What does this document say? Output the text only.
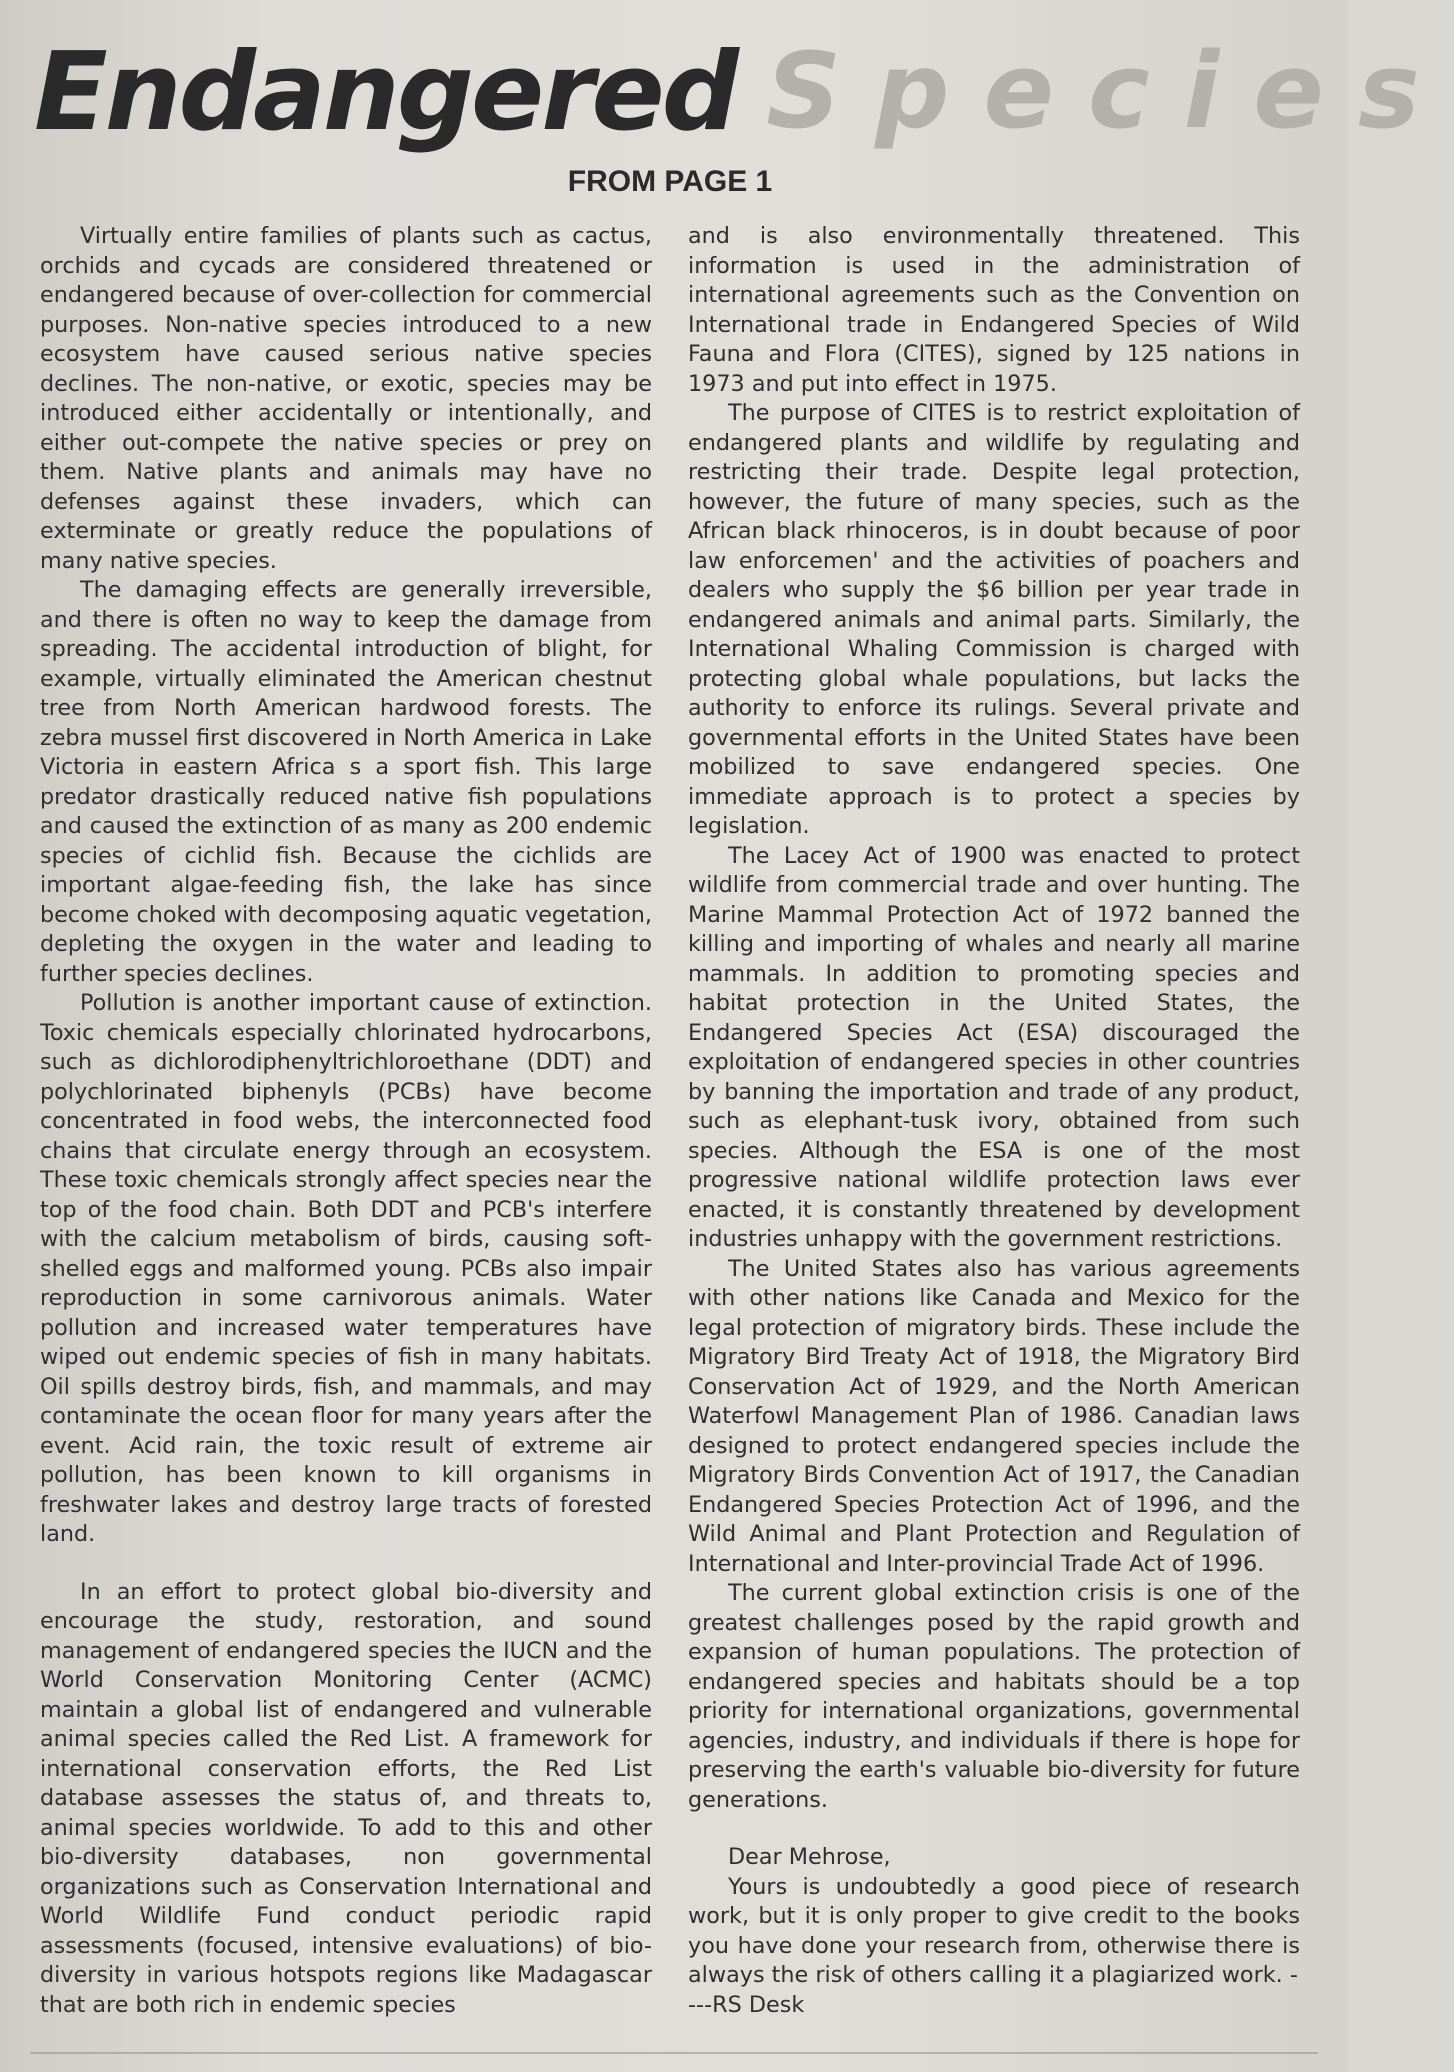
Endangered Species
FROM PAGE 1

Virtually entire families of plants such as cactus, orchids and cycads are considered threatened or endangered because of over-collection for commercial purposes. Non-native species introduced to a new ecosystem have caused serious native species declines. The non-native, or exotic, species may be introduced either accidentally or intentionally, and either out-compete the native species or prey on them. Native plants and animals may have no defenses against these invaders, which can exterminate or greatly reduce the populations of many native species.

The damaging effects are generally irreversible, and there is often no way to keep the damage from spreading. The accidental introduction of blight, for example, virtually eliminated the American chestnut tree from North American hardwood forests. The zebra mussel first discovered in North America in Lake Victoria in eastern Africa s a sport fish. This large predator drastically reduced native fish populations and caused the extinction of as many as 200 endemic species of cichlid fish. Because the cichlids are important algae-feeding fish, the lake has since become choked with decomposing aquatic vegetation, depleting the oxygen in the water and leading to further species declines.

Pollution is another important cause of extinction. Toxic chemicals especially chlorinated hydrocarbons, such as dichlorodiphenyltrichloroethane (DDT) and polychlorinated biphenyls (PCBs) have become concentrated in food webs, the interconnected food chains that circulate energy through an ecosystem. These toxic chemicals strongly affect species near the top of the food chain. Both DDT and PCB's interfere with the calcium metabolism of birds, causing soft-shelled eggs and malformed young. PCBs also impair reproduction in some carnivorous animals. Water pollution and increased water temperatures have wiped out endemic species of fish in many habitats. Oil spills destroy birds, fish, and mammals, and may contaminate the ocean floor for many years after the event. Acid rain, the toxic result of extreme air pollution, has been known to kill organisms in freshwater lakes and destroy large tracts of forested land.

In an effort to protect global bio-diversity and encourage the study, restoration, and sound management of endangered species the IUCN and the World Conservation Monitoring Center (ACMC) maintain a global list of endangered and vulnerable animal species called the Red List. A framework for international conservation efforts, the Red List database assesses the status of, and threats to, animal species worldwide. To add to this and other bio-diversity databases, non governmental organizations such as Conservation International and World Wildlife Fund conduct periodic rapid assessments (focused, intensive evaluations) of bio-diversity in various hotspots regions like Madagascar that are both rich in endemic species

and is also environmentally threatened. This information is used in the administration of international agreements such as the Convention on International trade in Endangered Species of Wild Fauna and Flora (CITES), signed by 125 nations in 1973 and put into effect in 1975.

The purpose of CITES is to restrict exploitation of endangered plants and wildlife by regulating and restricting their trade. Despite legal protection, however, the future of many species, such as the African black rhinoceros, is in doubt because of poor law enforcemen' and the activities of poachers and dealers who supply the $6 billion per year trade in endangered animals and animal parts. Similarly, the International Whaling Commission is charged with protecting global whale populations, but lacks the authority to enforce its rulings. Several private and governmental efforts in the United States have been mobilized to save endangered species. One immediate approach is to protect a species by legislation.

The Lacey Act of 1900 was enacted to protect wildlife from commercial trade and over hunting. The Marine Mammal Protection Act of 1972 banned the killing and importing of whales and nearly all marine mammals. In addition to promoting species and habitat protection in the United States, the Endangered Species Act (ESA) discouraged the exploitation of endangered species in other countries by banning the importation and trade of any product, such as elephant-tusk ivory, obtained from such species. Although the ESA is one of the most progressive national wildlife protection laws ever enacted, it is constantly threatened by development industries unhappy with the government restrictions.

The United States also has various agreements with other nations like Canada and Mexico for the legal protection of migratory birds. These include the Migratory Bird Treaty Act of 1918, the Migratory Bird Conservation Act of 1929, and the North American Waterfowl Management Plan of 1986. Canadian laws designed to protect endangered species include the Migratory Birds Convention Act of 1917, the Canadian Endangered Species Protection Act of 1996, and the Wild Animal and Plant Protection and Regulation of International and Inter-provincial Trade Act of 1996.

The current global extinction crisis is one of the greatest challenges posed by the rapid growth and expansion of human populations. The protection of endangered species and habitats should be a top priority for international organizations, governmental agencies, industry, and individuals if there is hope for preserving the earth's valuable bio-diversity for future generations.

Dear Mehrose,

Yours is undoubtedly a good piece of research work, but it is only proper to give credit to the books you have done your research from, otherwise there is always the risk of others calling it a plagiarized work. -

---RS Desk
